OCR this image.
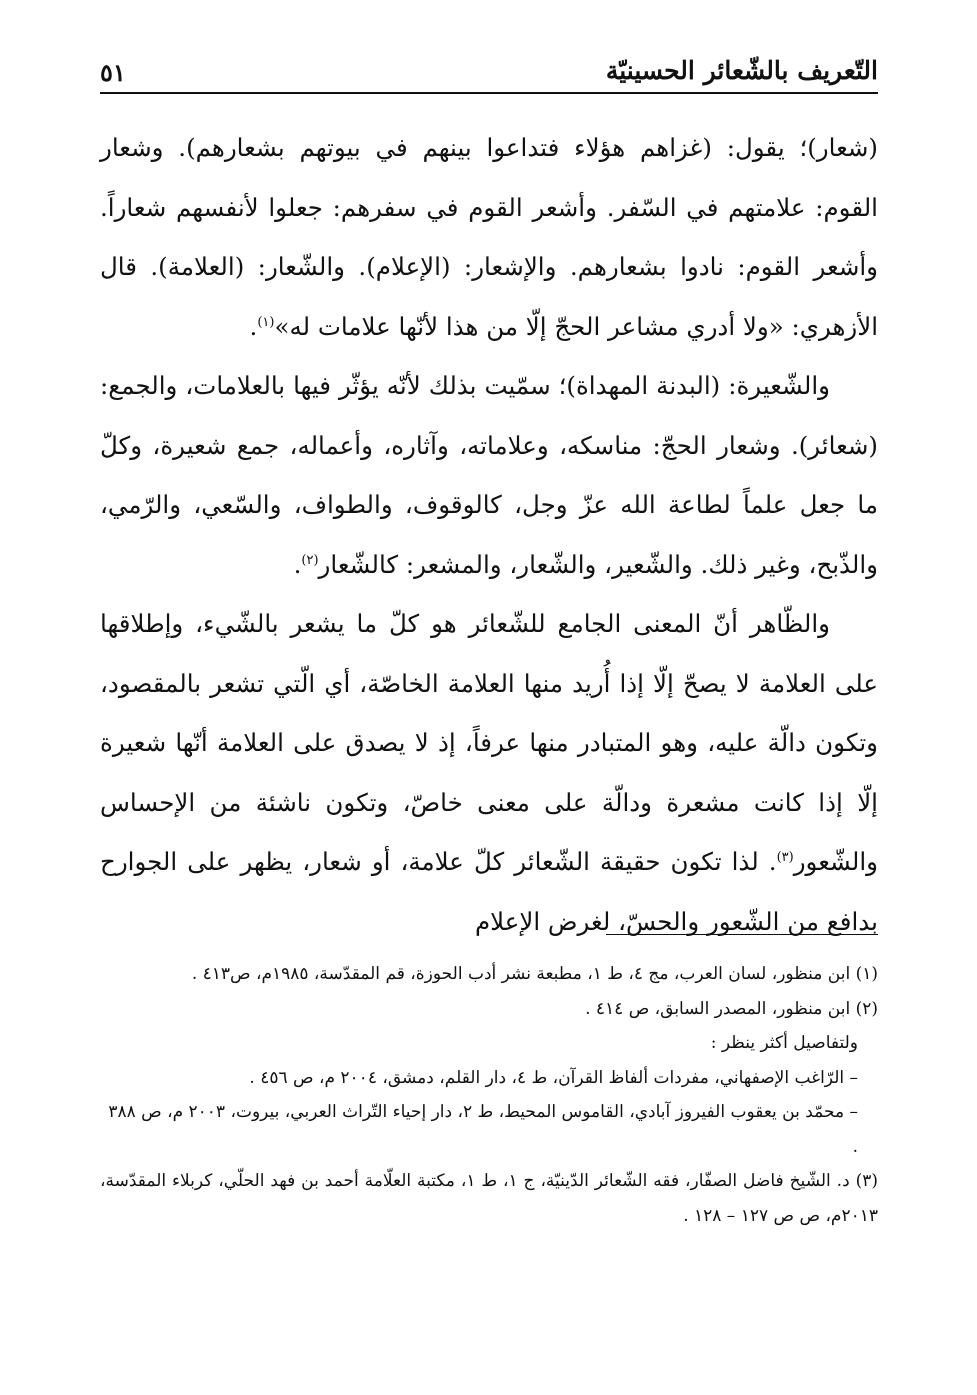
التّعريف بالشّعائر الحسينيّة
٥١

(شعار)؛ يقول: (غزاهم هؤلاء فتداعوا بينهم في بيوتهم بشعارهم). وشعار القوم: علامتهم في السّفر. وأشعر القوم في سفرهم: جعلوا لأنفسهم شعاراً. وأشعر القوم: نادوا بشعارهم. والإشعار: (الإعلام). والشّعار: (العلامة). قال الأزهري: «ولا أدري مشاعر الحجّ إلّا من هذا لأنّها علامات له»$^{(١)}$.

والشّعيرة: (البدنة المهداة)؛ سمّيت بذلك لأنّه يؤثّر فيها بالعلامات، والجمع: (شعائر). وشعار الحجّ: مناسكه، وعلاماته، وآثاره، وأعماله، جمع شعيرة، وكلّ ما جعل علماً لطاعة الله عزّ وجل، كالوقوف، والطواف، والسّعي، والرّمي، والذّبح، وغير ذلك. والشّعير، والشّعار، والمشعر: كالشّعار$^{(٢)}$.

والظّاهر أنّ المعنى الجامع للشّعائر هو كلّ ما يشعر بالشّيء، وإطلاقها على العلامة لا يصحّ إلّا إذا أُريد منها العلامة الخاصّة، أي الّتي تشعر بالمقصود، وتكون دالّة عليه، وهو المتبادر منها عرفاً، إذ لا يصدق على العلامة أنّها شعيرة إلّا إذا كانت مشعرة ودالّة على معنى خاصّ، وتكون ناشئة من الإحساس والشّعور$^{(٣)}$. لذا تكون حقيقة الشّعائر كلّ علامة، أو شعار، يظهر على الجوارح بدافع من الشّعور والحسّ، لغرض الإعلام

(١) ابن منظور، لسان العرب، مج ٤، ط ١، مطبعة نشر أدب الحوزة، قم المقدّسة، ١٩٨٥م، ص٤١٣ .

(٢) ابن منظور، المصدر السابق، ص ٤١٤ .

ولتفاصيل أكثر ينظر :

– الرّاغب الإصفهاني، مفردات ألفاظ القرآن، ط ٤، دار القلم، دمشق، ٢٠٠٤ م، ص ٤٥٦ .

– محمّد بن يعقوب الفيروز آبادي، القاموس المحيط، ط ٢، دار إحياء التّراث العربي، بيروت، ٢٠٠٣ م، ص ٣٨٨ .

(٣) د. الشّيخ فاضل الصفّار، فقه الشّعائر الدّينيّة، ج ١، ط ١، مكتبة العلّامة أحمد بن فهد الحلّي، كربلاء المقدّسة، ٢٠١٣م، ص ص ١٢٧ – ١٢٨ .
